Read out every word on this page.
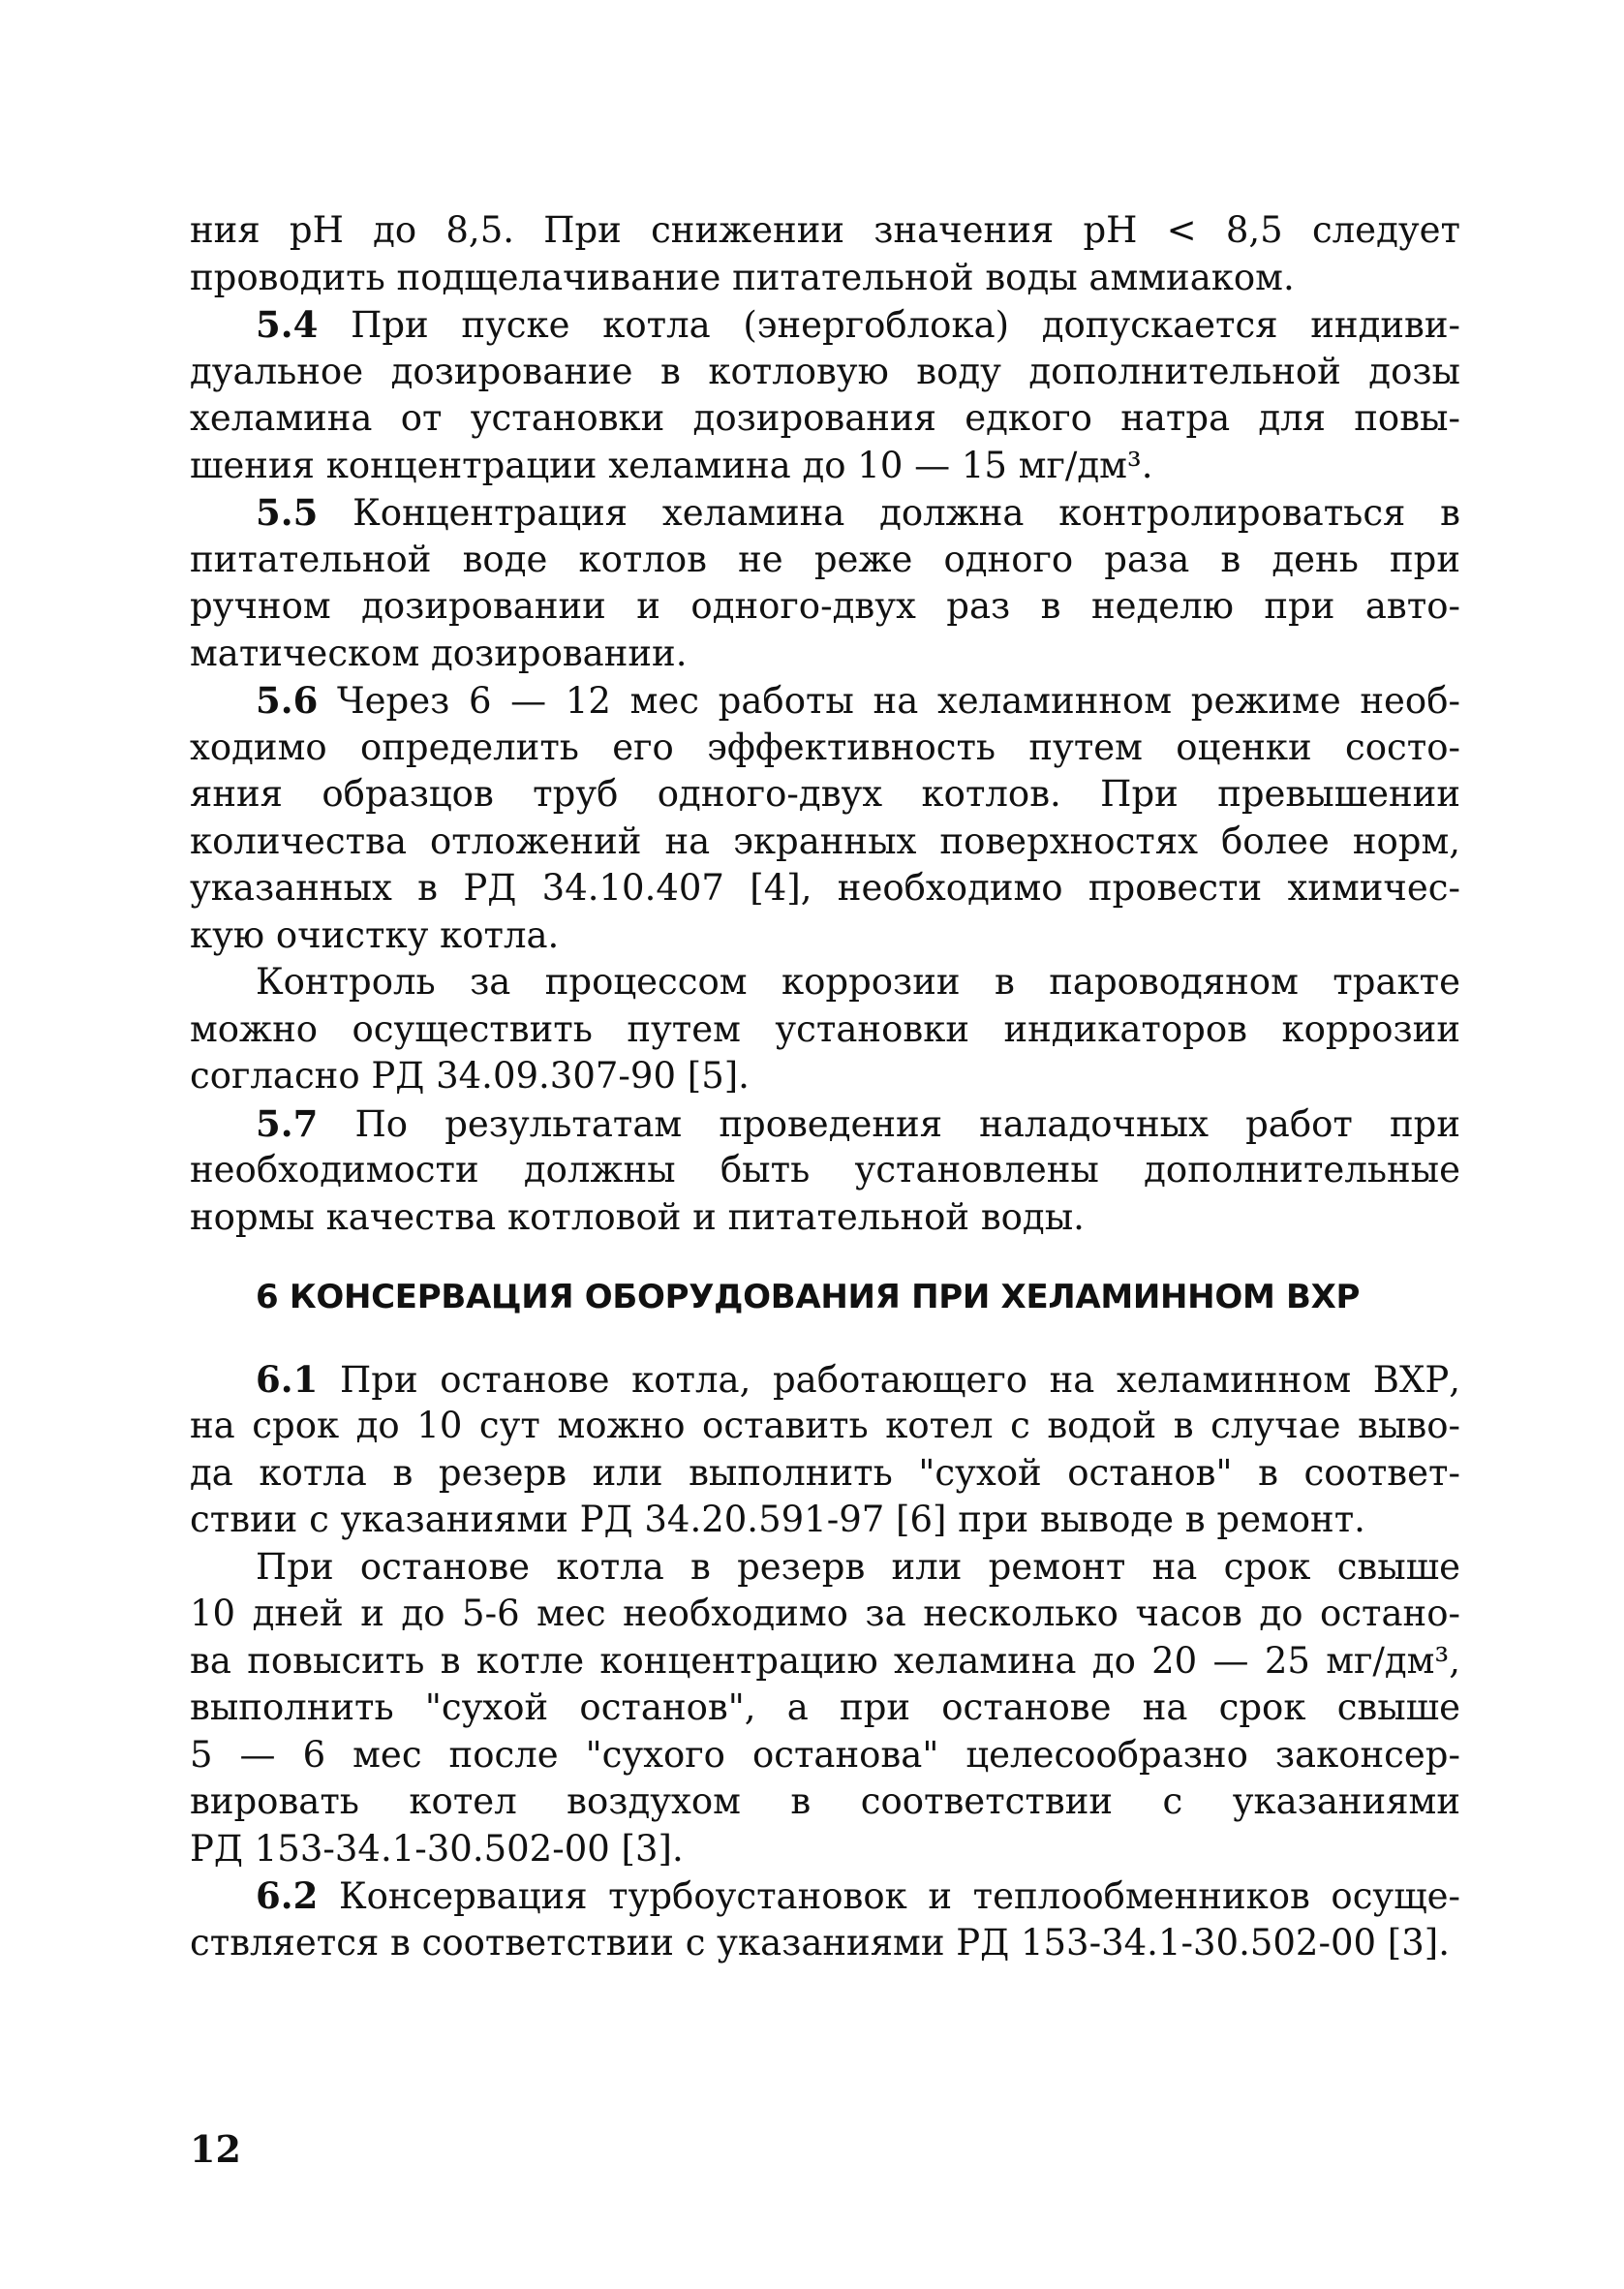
ния рН до 8,5. При снижении значения рН < 8,5 следует
проводить подщелачивание питательной воды аммиаком.
5.4 При пуске котла (энергоблока) допускается индиви-
дуальное дозирование в котловую воду дополнительной дозы
хеламина от установки дозирования едкого натра для повы-
шения концентрации хеламина до 10 — 15 мг/дм³.
5.5 Концентрация хеламина должна контролироваться в
питательной воде котлов не реже одного раза в день при
ручном дозировании и одного-двух раз в неделю при авто-
матическом дозировании.
5.6 Через 6 — 12 мес работы на хеламинном режиме необ-
ходимо определить его эффективность путем оценки состо-
яния образцов труб одного-двух котлов. При превышении
количества отложений на экранных поверхностях более норм,
указанных в РД 34.10.407 [4], необходимо провести химичес-
кую очистку котла.
Контроль за процессом коррозии в пароводяном тракте
можно осуществить путем установки индикаторов коррозии
согласно РД 34.09.307-90 [5].
5.7 По результатам проведения наладочных работ при
необходимости должны быть установлены дополнительные
нормы качества котловой и питательной воды.
6 КОНСЕРВАЦИЯ ОБОРУДОВАНИЯ ПРИ ХЕЛАМИННОМ ВХР
6.1 При останове котла, работающего на хеламинном ВХР,
на срок до 10 сут можно оставить котел с водой в случае выво-
да котла в резерв или выполнить "сухой останов" в соответ-
ствии с указаниями РД 34.20.591-97 [6] при выводе в ремонт.
При останове котла в резерв или ремонт на срок свыше
10 дней и до 5-6 мес необходимо за несколько часов до остано-
ва повысить в котле концентрацию хеламина до 20 — 25 мг/дм³,
выполнить "сухой останов", а при останове на срок свыше
5 — 6 мес после "сухого останова" целесообразно законсер-
вировать котел воздухом в соответствии с указаниями
РД 153-34.1-30.502-00 [3].
6.2 Консервация турбоустановок и теплообменников осуще-
ствляется в соответствии с указаниями РД 153-34.1-30.502-00 [3].
12
